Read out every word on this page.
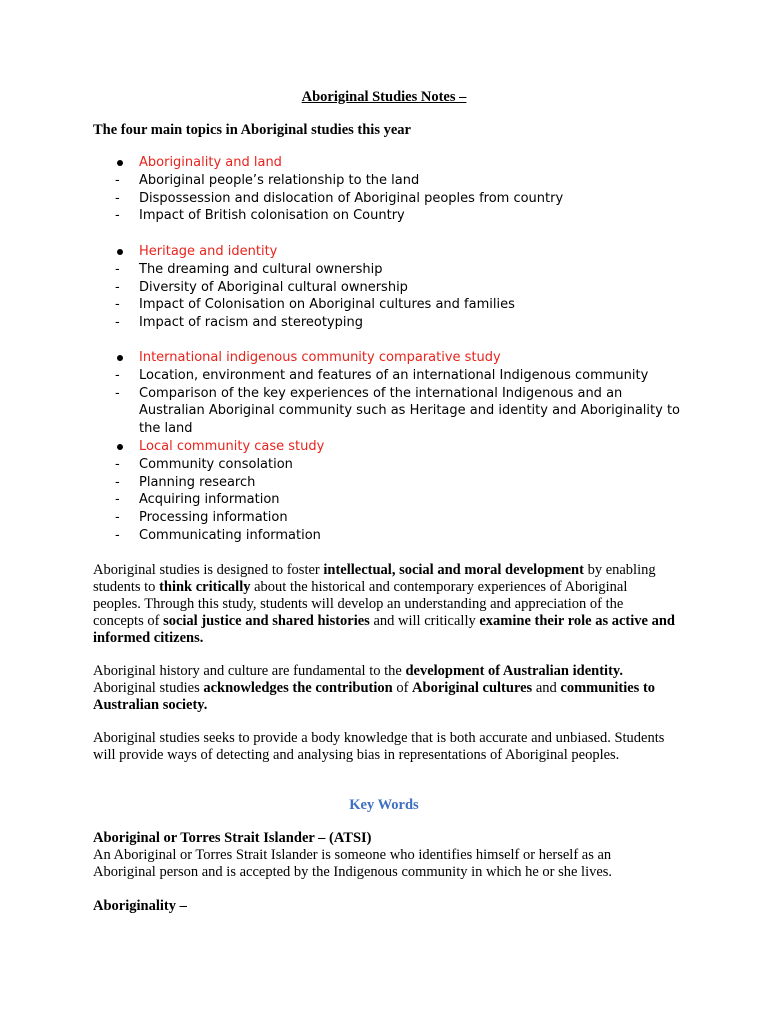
Aboriginal Studies Notes –
The four main topics in Aboriginal studies this year
Aboriginality and land
-	Aboriginal people’s relationship to the land
-	Dispossession and dislocation of Aboriginal peoples from country
-	Impact of British colonisation on Country
Heritage and identity
-	The dreaming and cultural ownership
-	Diversity of Aboriginal cultural ownership
-	Impact of Colonisation on Aboriginal cultures and families
-	Impact of racism and stereotyping
International indigenous community comparative study
-	Location, environment and features of an international Indigenous community
-	Comparison of the key experiences of the international Indigenous and an Australian Aboriginal community such as Heritage and identity and Aboriginality to the land
Local community case study
-	Community consolation
-	Planning research
-	Acquiring information
-	Processing information
-	Communicating information
Aboriginal studies is designed to foster intellectual, social and moral development by enabling students to think critically about the historical and contemporary experiences of Aboriginal peoples. Through this study, students will develop an understanding and appreciation of the concepts of social justice and shared histories and will critically examine their role as active and informed citizens.
Aboriginal history and culture are fundamental to the development of Australian identity. Aboriginal studies acknowledges the contribution of Aboriginal cultures and communities to Australian society.
Aboriginal studies seeks to provide a body knowledge that is both accurate and unbiased. Students will provide ways of detecting and analysing bias in representations of Aboriginal peoples.
Key Words
Aboriginal or Torres Strait Islander – (ATSI)
An Aboriginal or Torres Strait Islander is someone who identifies himself or herself as an Aboriginal person and is accepted by the Indigenous community in which he or she lives.
Aboriginality –
